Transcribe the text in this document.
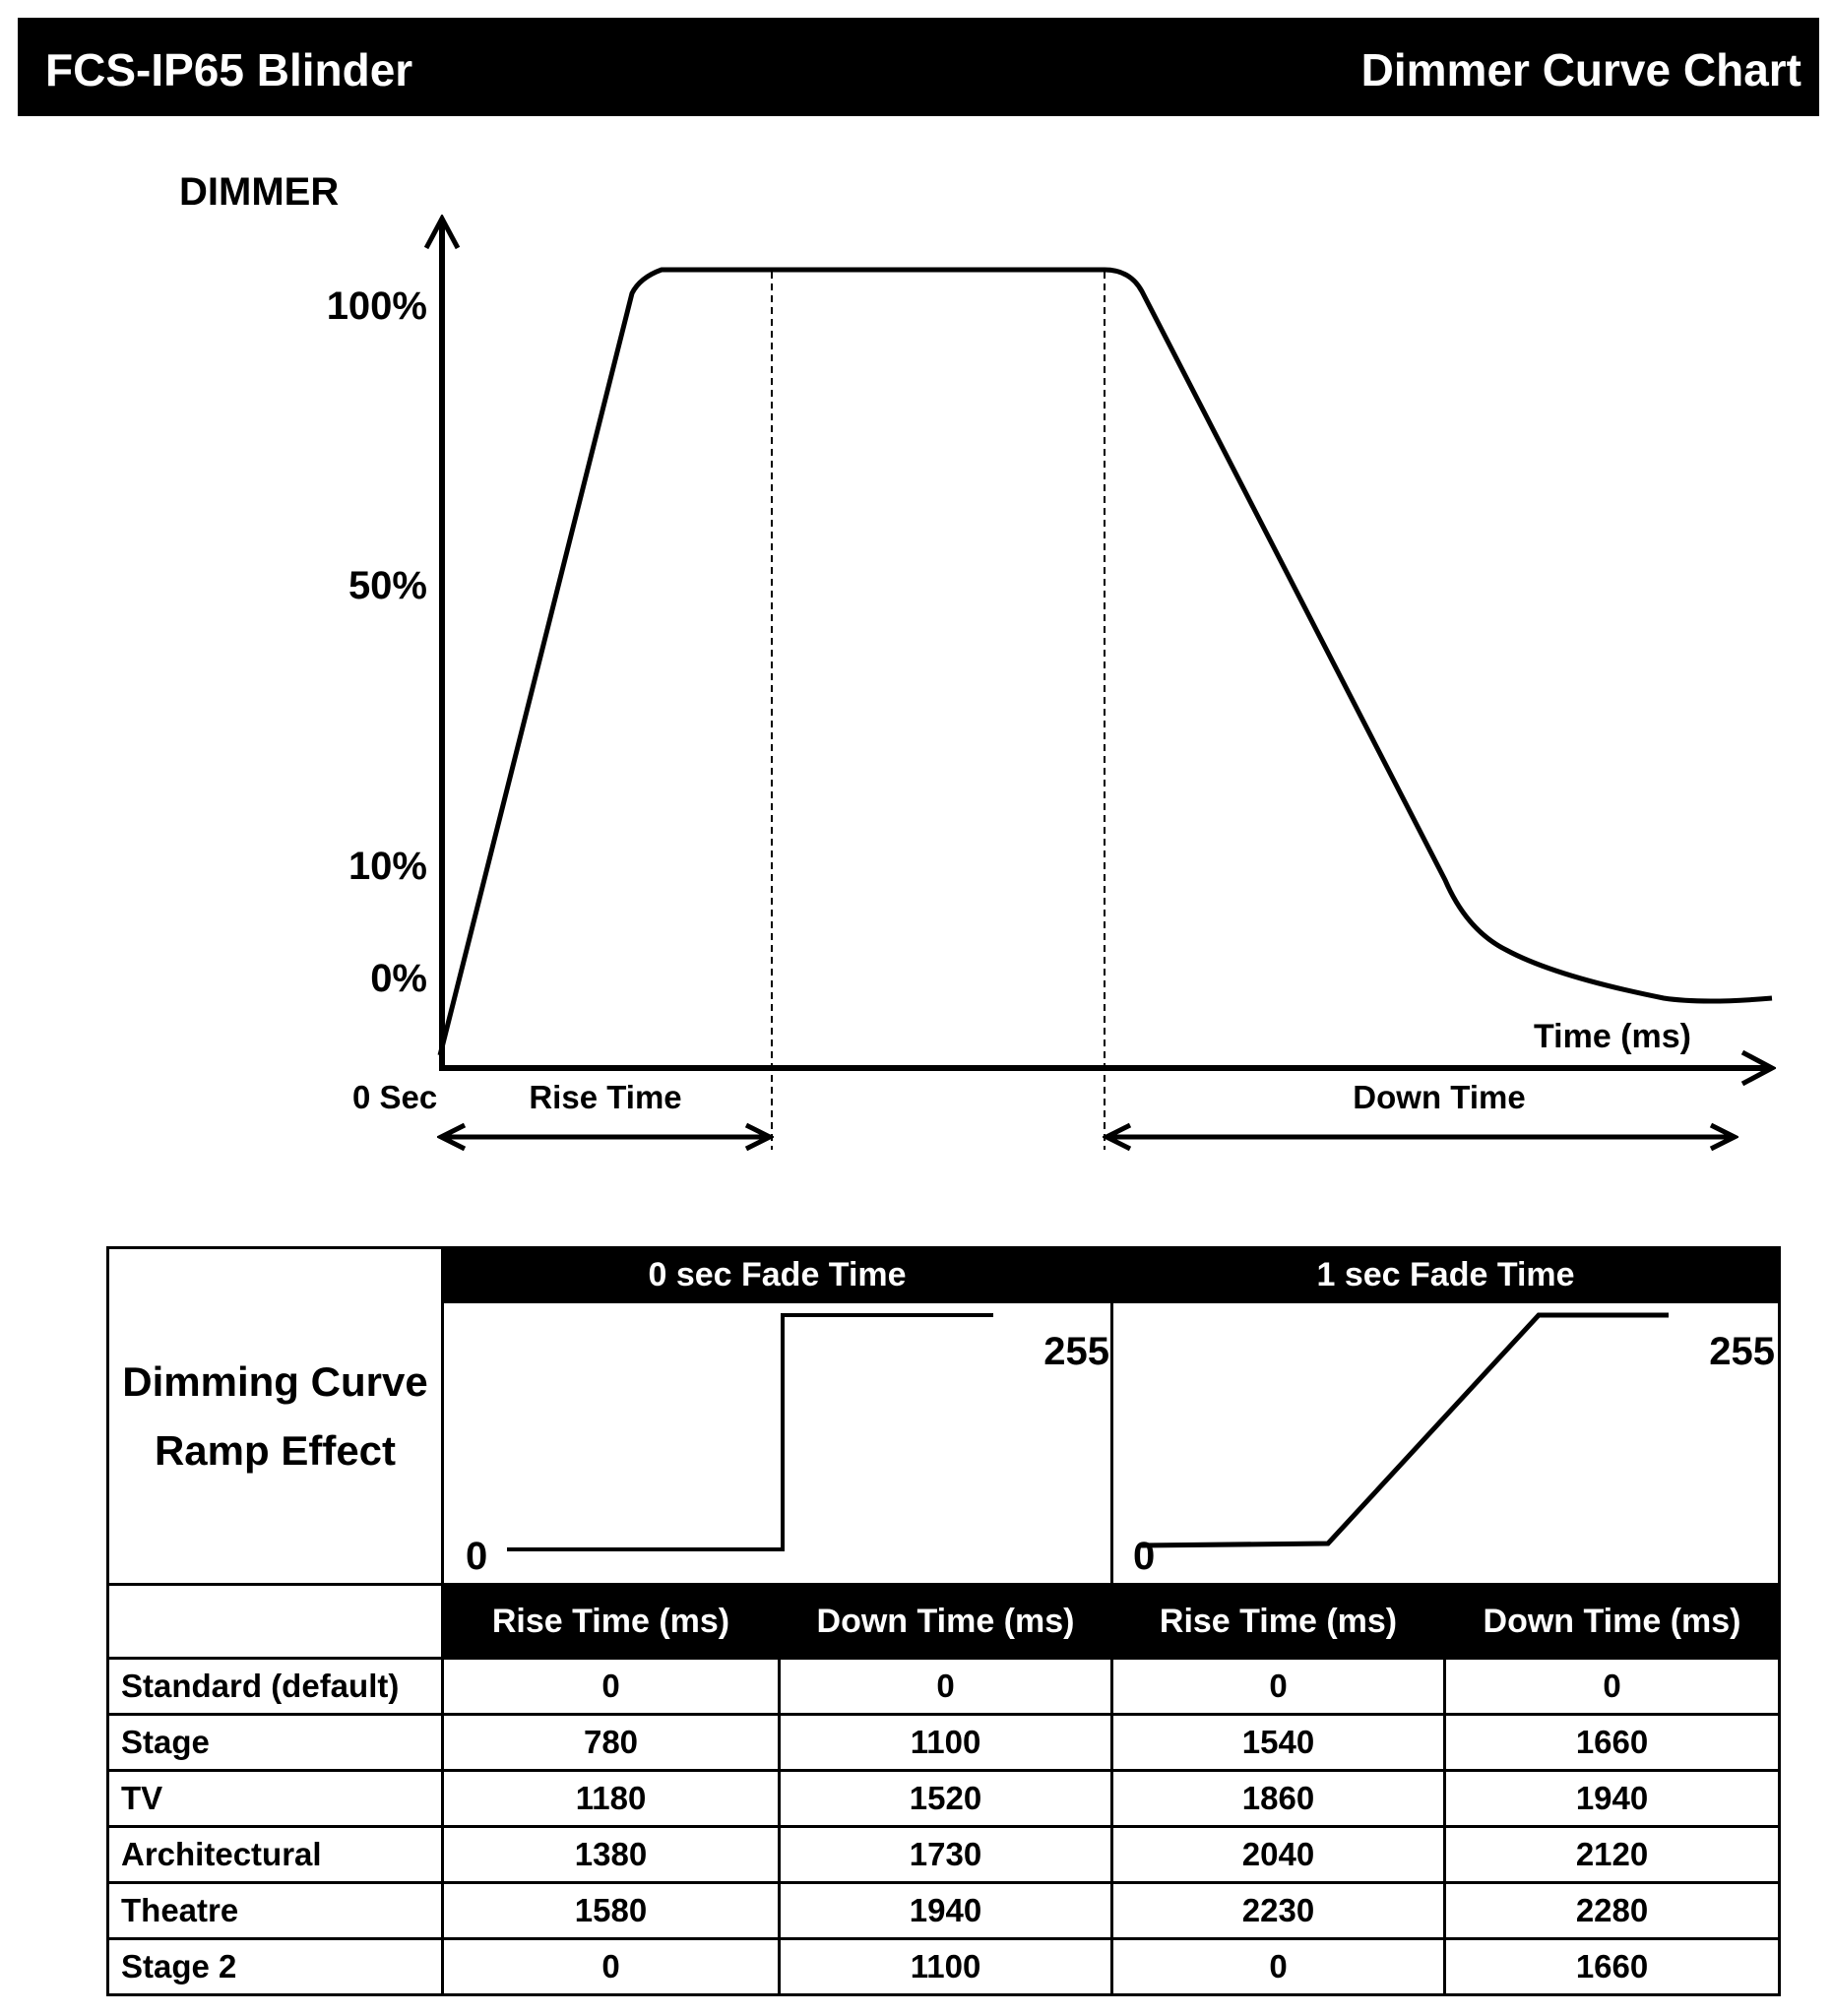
FCS-IP65 Blinder	Dimmer Curve Chart
DIMMER
100%
50%
10%
0%
Time (ms)
0 Sec	Rise Time	Down Time
Dimming Curve
Ramp Effect	0 sec Fade Time		1 sec Fade Time	

0
255		0
255	

	Rise Time (ms)	Down Time (ms)	Rise Time (ms)	Down Time (ms)
Standard (default)	0	0	0	0
Stage	780	1100	1540	1660
TV	1180	1520	1860	1940
Architectural	1380	1730	2040	2120
Theatre	1580	1940	2230	2280
Stage 2	0	1100	0	1660
